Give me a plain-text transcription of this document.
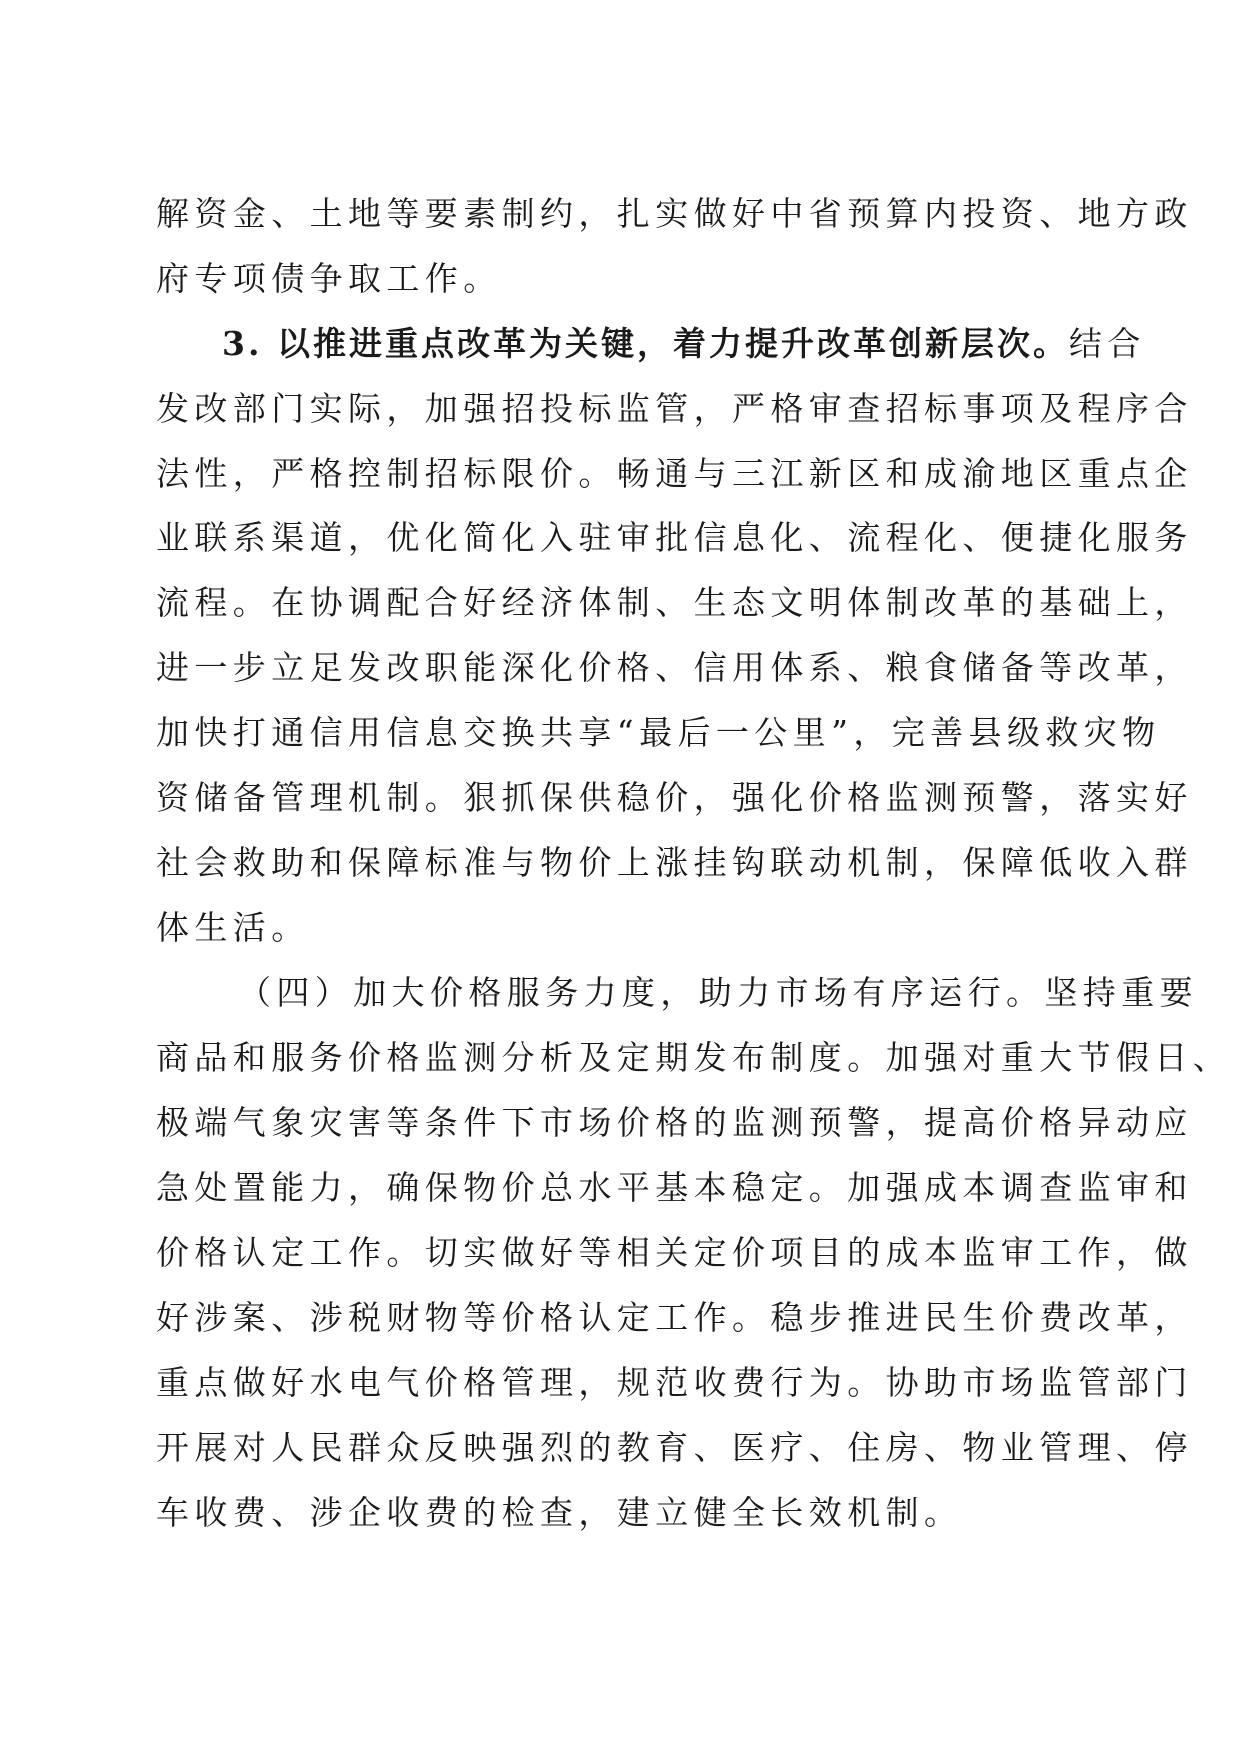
解资金、土地等要素制约，扎实做好中省预算内投资、地方政
府专项债争取工作。
3. 以推进重点改革为关键，着力提升改革创新层次。结合
发改部门实际，加强招投标监管，严格审查招标事项及程序合
法性，严格控制招标限价。畅通与三江新区和成渝地区重点企
业联系渠道，优化简化入驻审批信息化、流程化、便捷化服务
流程。在协调配合好经济体制、生态文明体制改革的基础上，
进一步立足发改职能深化价格、信用体系、粮食储备等改革，
加快打通信用信息交换共享“最后一公里”，完善县级救灾物
资储备管理机制。狠抓保供稳价，强化价格监测预警，落实好
社会救助和保障标准与物价上涨挂钩联动机制，保障低收入群
体生活。
（四）加大价格服务力度，助力市场有序运行。坚持重要
商品和服务价格监测分析及定期发布制度。加强对重大节假日、
极端气象灾害等条件下市场价格的监测预警，提高价格异动应
急处置能力，确保物价总水平基本稳定。加强成本调查监审和
价格认定工作。切实做好等相关定价项目的成本监审工作，做
好涉案、涉税财物等价格认定工作。稳步推进民生价费改革，
重点做好水电气价格管理，规范收费行为。协助市场监管部门
开展对人民群众反映强烈的教育、医疗、住房、物业管理、停
车收费、涉企收费的检查，建立健全长效机制。
